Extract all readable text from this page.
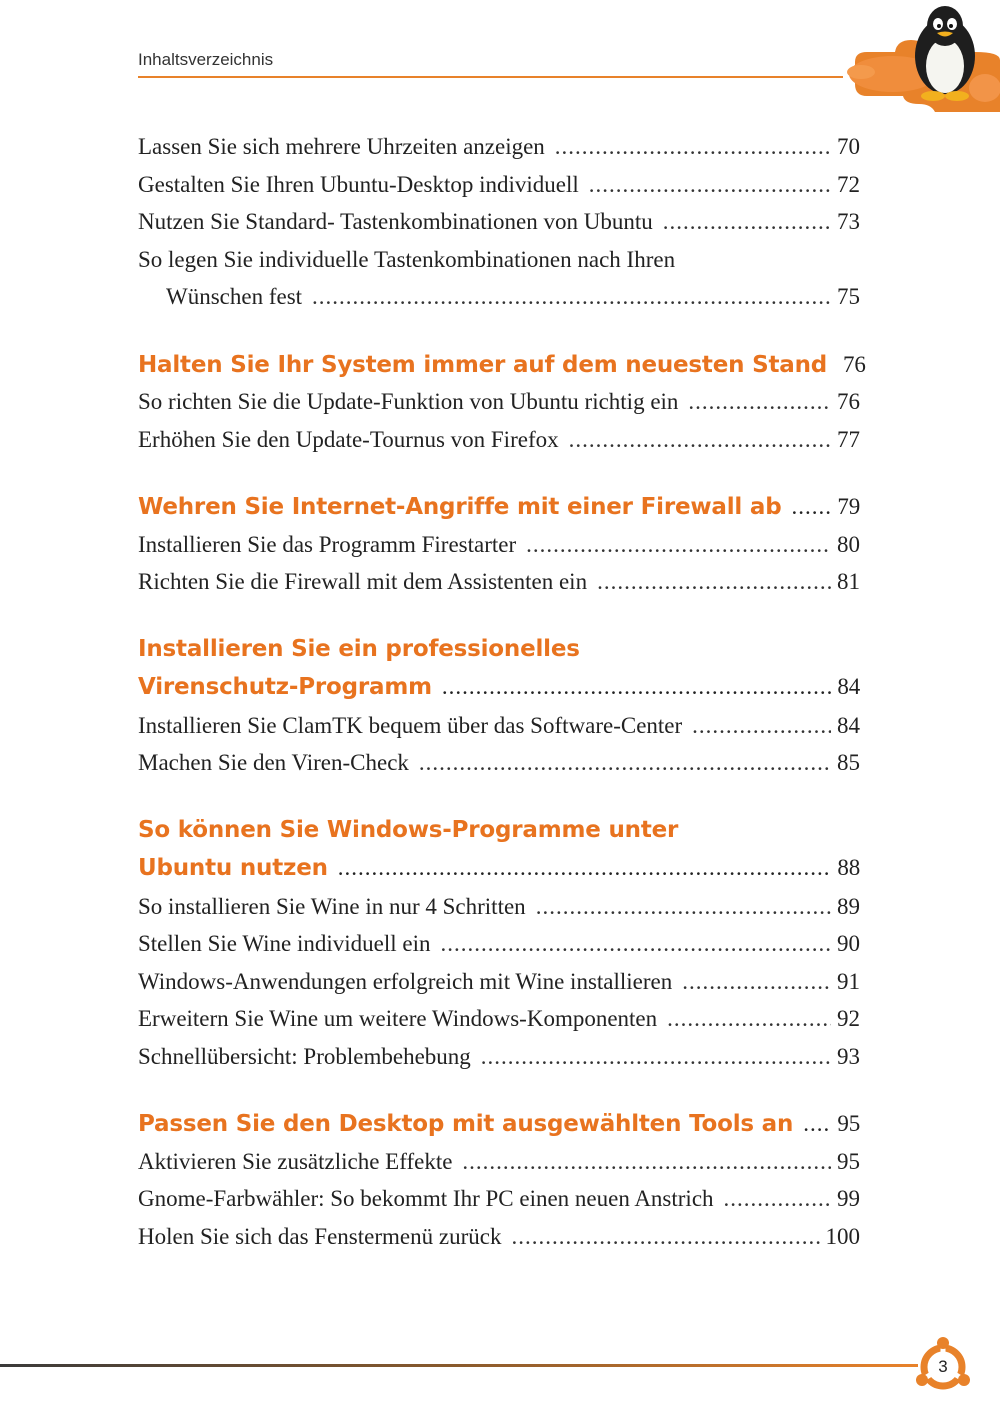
Inhaltsverzeichnis
Lassen Sie sich mehrere Uhrzeiten anzeigen .....	70
Gestalten Sie Ihren Ubuntu-Desktop individuell .....	72
Nutzen Sie Standard- Tastenkombinationen von Ubuntu .....	73
So legen Sie individuelle Tastenkombinationen nach Ihren
Wünschen fest .....	75
Halten Sie Ihr System immer auf dem neuesten Stand 76
So richten Sie die Update-Funktion von Ubuntu richtig ein .....	76
Erhöhen Sie den Update-Tournus von Firefox .....	77
Wehren Sie Internet-Angriffe mit einer Firewall ab ..... 79
Installieren Sie das Programm Firestarter .....	80
Richten Sie die Firewall mit dem Assistenten ein .....	81
Installieren Sie ein professionelles
Virenschutz-Programm .....	84
Installieren Sie ClamTK bequem über das Software-Center .....	84
Machen Sie den Viren-Check .....	85
So können Sie Windows-Programme unter
Ubuntu nutzen .....	88
So installieren Sie Wine in nur 4 Schritten .....	89
Stellen Sie Wine individuell ein .....	90
Windows-Anwendungen erfolgreich mit Wine installieren .....	91
Erweitern Sie Wine um weitere Windows-Komponenten .....	92
Schnellübersicht: Problembehebung .....	93
Passen Sie den Desktop mit ausgewählten Tools an ..... 95
Aktivieren Sie zusätzliche Effekte .....	95
Gnome-Farbwähler: So bekommt Ihr PC einen neuen Anstrich .....	99
Holen Sie sich das Fenstermenü zurück .....	100
3
